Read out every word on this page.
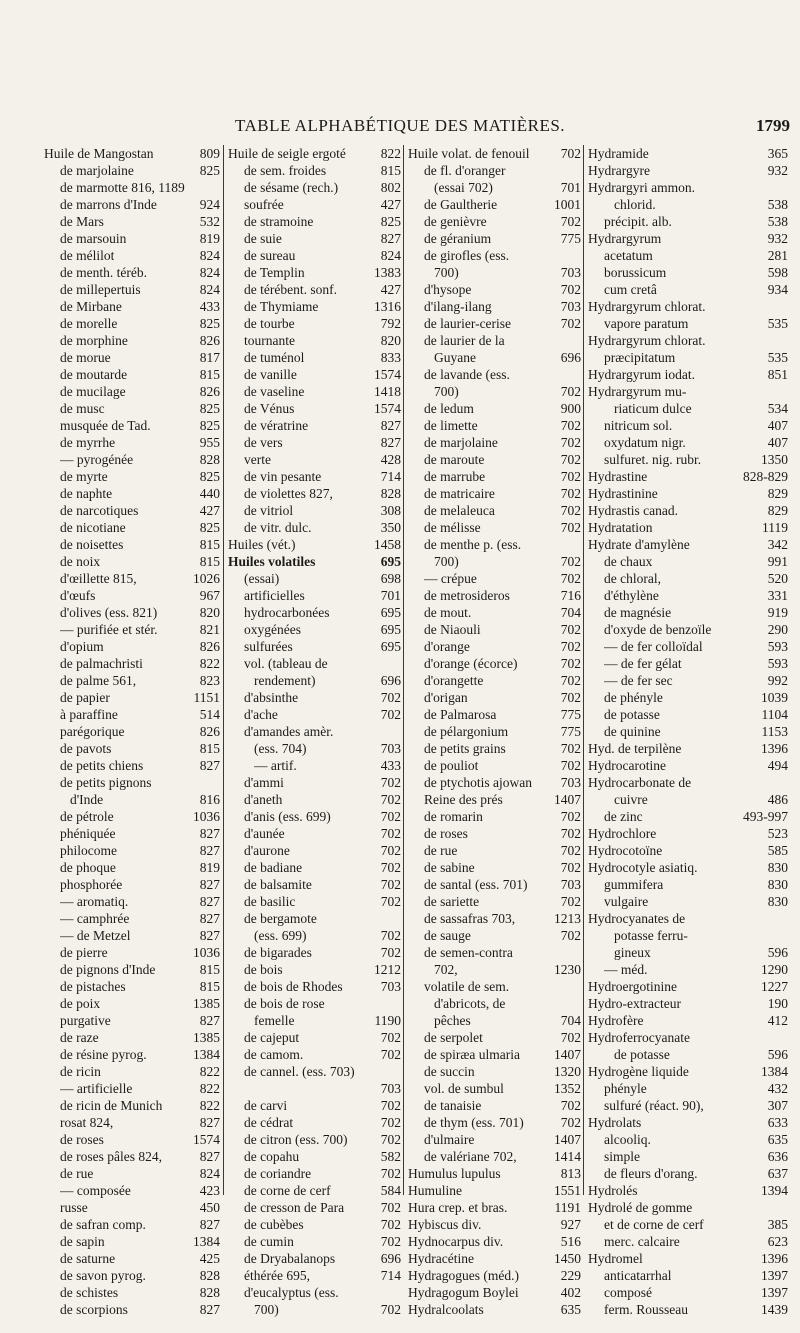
TABLE ALPHABÉTIQUE DES MATIÈRES.	1799
Huile de Mangostan	809
de marjolaine	825
de marmotte 816, 1189
de marrons d'Inde	924
de Mars	532
de marsouin	819
de mélilot	824
de menth. téréb.	824
de millepertuis	824
de Mirbane	433
de morelle	825
de morphine	826
de morue	817
de moutarde	815
de mucilage	826
de musc	825
musquée de Tad.	825
de myrrhe	955
— pyrogénée	828
de myrte	825
de naphte	440
de narcotiques	427
de nicotiane	825
de noisettes	815
de noix	815
d'œillette 815,	1026
d'œufs	967
d'olives (ess. 821)	820
— purifiée et stér.	821
d'opium	826
de palmachristi	822
de palme 561,	823
de papier	1151
à paraffine	514
parégorique	826
de pavots	815
de petits chiens	827
de petits pignons
d'Inde	816
de pétrole	1036
phéniquée	827
philocome	827
de phoque	819
phosphorée	827
— aromatiq.	827
— camphrée	827
— de Metzel	827
de pierre	1036
de pignons d'Inde	815
de pistaches	815
de poix	1385
purgative	827
de raze	1385
de résine pyrog.	1384
de ricin	822
— artificielle	822
de ricin de Munich	822
rosat 824,	827
de roses	1574
de roses pâles 824,	827
de rue	824
— composée	423
russe	450
de safran comp.	827
de sapin	1384
de saturne	425
de savon pyrog.	828
de schistes	828
de scorpions	827
Huile de seigle ergoté	822
de sem. froides	815
de sésame (rech.)	802
soufrée	427
de stramoine	825
de suie	827
de sureau	824
de Templin	1383
de térébent. sonf.	427
de Thymiame	1316
de tourbe	792
tournante	820
de tuménol	833
de vanille	1574
de vaseline	1418
de Vénus	1574
de vératrine	827
de vers	827
verte	428
de vin pesante	714
de violettes 827,	828
de vitriol	308
de vitr. dulc.	350
Huiles (vét.)	1458
Huiles volatiles	695
(essai)	698
artificielles	701
hydrocarbonées	695
oxygénées	695
sulfurées	695
vol. (tableau de
rendement)	696
d'absinthe	702
d'ache	702
d'amandes amèr.
(ess. 704)	703
— artif.	433
d'ammi	702
d'aneth	702
d'anis (ess. 699)	702
d'aunée	702
d'aurone	702
de badiane	702
de balsamite	702
de basilic	702
de bergamote
(ess. 699)	702
de bigarades	702
de bois	1212
de bois de Rhodes	703
de bois de rose
femelle	1190
de cajeput	702
de camom.	702
de cannel. (ess. 703)
703
de carvi	702
de cédrat	702
de citron (ess. 700) 702
de copahu	582
de coriandre	702
de corne de cerf	584
de cresson de Para	702
de cubèbes	702
de cumin	702
de Dryabalanops	696
éthérée 695,	714
d'eucalyptus (ess.
700)	702
Huile volat. de fenouil 702
de fl. d'oranger
(essai 702)	701
de Gaultherie	1001
de genièvre	702
de géranium	775
de girofles (ess.
700)	703
d'hysope	702
d'ilang-ilang	703
de laurier-cerise	702
de laurier de la
Guyane	696
de lavande (ess.
700)	702
de ledum	900
de limette	702
de marjolaine	702
de maroute	702
de marrube	702
de matricaire	702
de melaleuca	702
de mélisse	702
de menthe p. (ess.
700)	702
— crépue	702
de metrosideros	716
de mout.	704
de Niaouli	702
d'orange	702
d'orange (écorce)	702
d'orangette	702
d'origan	702
de Palmarosa	775
de pélargonium	775
de petits grains	702
de pouliot	702
de ptychotis ajowan 703
Reine des prés	1407
de romarin	702
de roses	702
de rue	702
de sabine	702
de santal (ess. 701) 703
de sariette	702
de sassafras 703,	1213
de sauge	702
de semen-contra
702,	1230
volatile de sem.
d'abricots, de
pêches	704
de serpolet	702
de spiræa ulmaria	1407
de succin	1320
vol. de sumbul	1352
de tanaisie	702
de thym (ess. 701)	702
d'ulmaire	1407
de valériane 702,	1414
Humulus lupulus	813
Humuline	1551
Hura crep. et bras.	1191
Hybiscus div.	927
Hydnocarpus div.	516
Hydracétine	1450
Hydragogues (méd.)	229
Hydragogum Boylei	402
Hydralcoolats	635
Hydramide	365
Hydrargyre	932
Hydrargyri ammon.
chlorid.	538
précipit. alb.	538
Hydrargyrum	932
acetatum	281
borussicum	598
cum cretâ	934
Hydrargyrum chlorat.
vapore paratum	535
Hydrargyrum chlorat.
præcipitatum	535
Hydrargyrum iodat.	851
Hydrargyrum mu-
riaticum dulce	534
nitricum sol.	407
oxydatum nigr.	407
sulfuret. nig. rubr.	1350
Hydrastine	828-829
Hydrastinine	829
Hydrastis canad.	829
Hydratation	1119
Hydrate d'amylène	342
de chaux	991
de chloral,	520
d'éthylène	331
de magnésie	919
d'oxyde de benzoïle	290
— de fer colloïdal	593
— de fer gélat	593
— de fer sec	992
de phényle	1039
de potasse	1104
de quinine	1153
Hyd. de terpilène	1396
Hydrocarotine	494
Hydrocarbonate de
cuivre	486
de zinc	493-997
Hydrochlore	523
Hydrocotoïne	585
Hydrocotyle asiatiq.	830
gummifera	830
vulgaire	830
Hydrocyanates de
potasse ferru-
gineux	596
— méd.	1290
Hydroergotinine	1227
Hydro-extracteur	190
Hydrofère	412
Hydroferrocyanate
de potasse	596
Hydrogène liquide	1384
phényle	432
sulfuré (réact. 90),	307
Hydrolats	633
alcooliq.	635
simple	636
de fleurs d'orang.	637
Hydrolés	1394
Hydrolé de gomme
et de corne de cerf	385
merc. calcaire	623
Hydromel	1396
anticatarrhal	1397
composé	1397
ferm. Rousseau	1439
